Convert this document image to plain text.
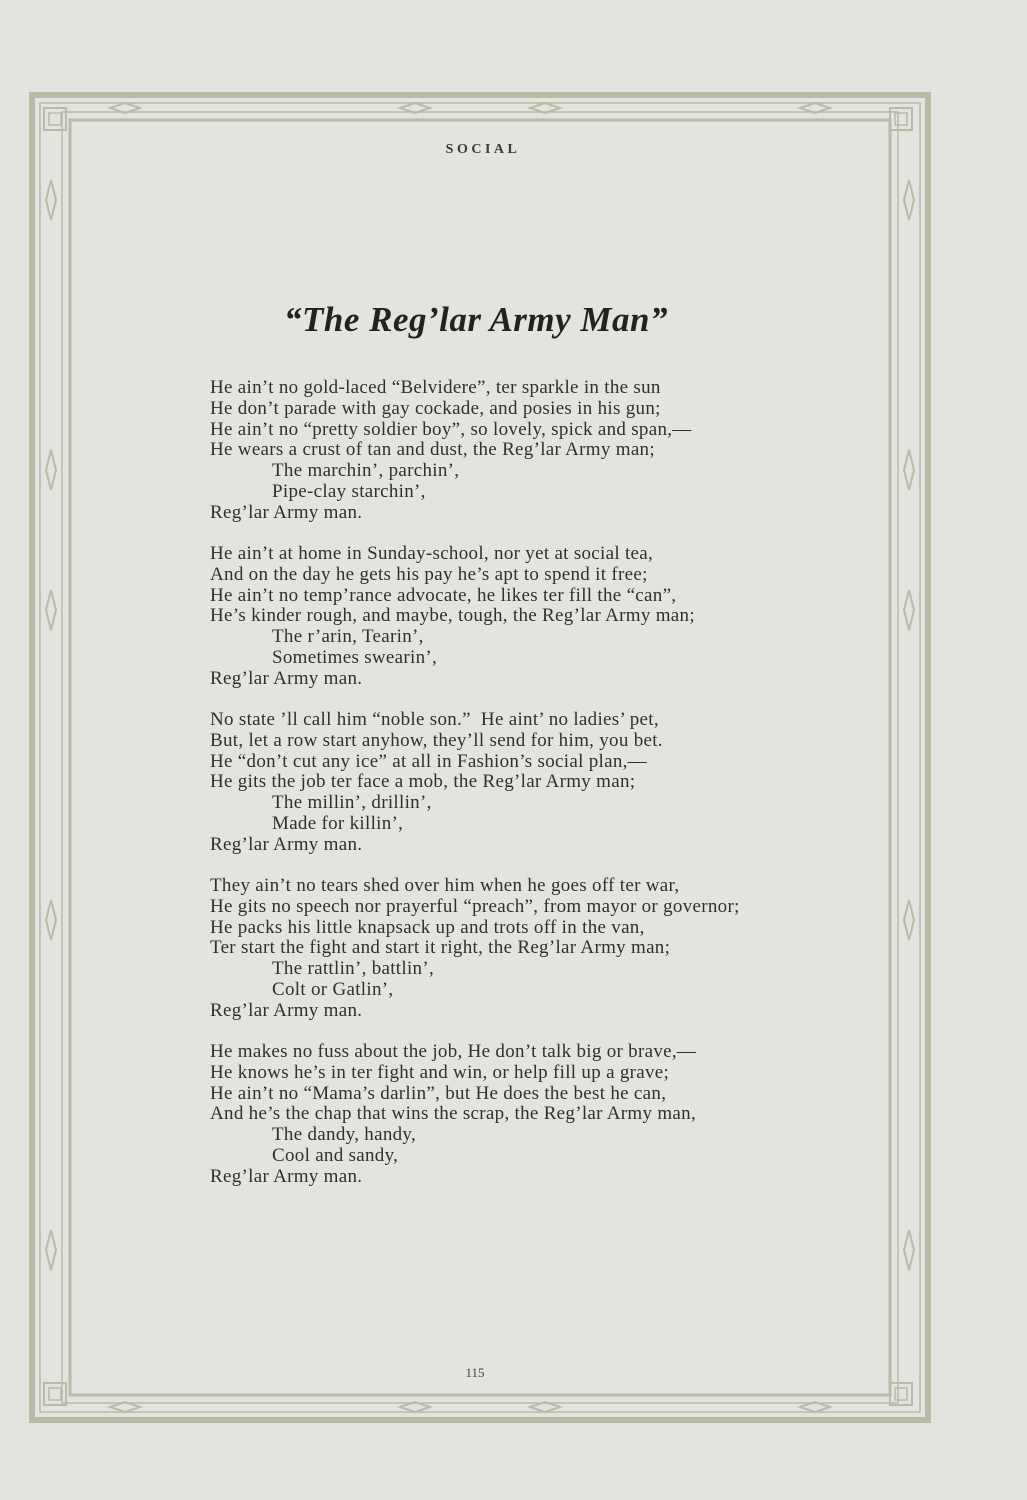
SOCIAL
“The Reg’lar Army Man”
He ain’t no gold-laced “Belvidere”, ter sparkle in the sun
He don’t parade with gay cockade, and posies in his gun;
He ain’t no “pretty soldier boy”, so lovely, spick and span,—
He wears a crust of tan and dust, the Reg’lar Army man;
The marchin’, parchin’,
Pipe-clay starchin’,
Reg’lar Army man.
He ain’t at home in Sunday-school, nor yet at social tea,
And on the day he gets his pay he’s apt to spend it free;
He ain’t no temp’rance advocate, he likes ter fill the “can”,
He’s kinder rough, and maybe, tough, the Reg’lar Army man;
The r’arin, Tearin’,
Sometimes swearin’,
Reg’lar Army man.
No state ’ll call him “noble son.”  He aint’ no ladies’ pet,
But, let a row start anyhow, they’ll send for him, you bet.
He “don’t cut any ice” at all in Fashion’s social plan,—
He gits the job ter face a mob, the Reg’lar Army man;
The millin’, drillin’,
Made for killin’,
Reg’lar Army man.
They ain’t no tears shed over him when he goes off ter war,
He gits no speech nor prayerful “preach”, from mayor or governor;
He packs his little knapsack up and trots off in the van,
Ter start the fight and start it right, the Reg’lar Army man;
The rattlin’, battlin’,
Colt or Gatlin’,
Reg’lar Army man.
He makes no fuss about the job, He don’t talk big or brave,—
He knows he’s in ter fight and win, or help fill up a grave;
He ain’t no “Mama’s darlin”, but He does the best he can,
And he’s the chap that wins the scrap, the Reg’lar Army man,
The dandy, handy,
Cool and sandy,
Reg’lar Army man.
115
